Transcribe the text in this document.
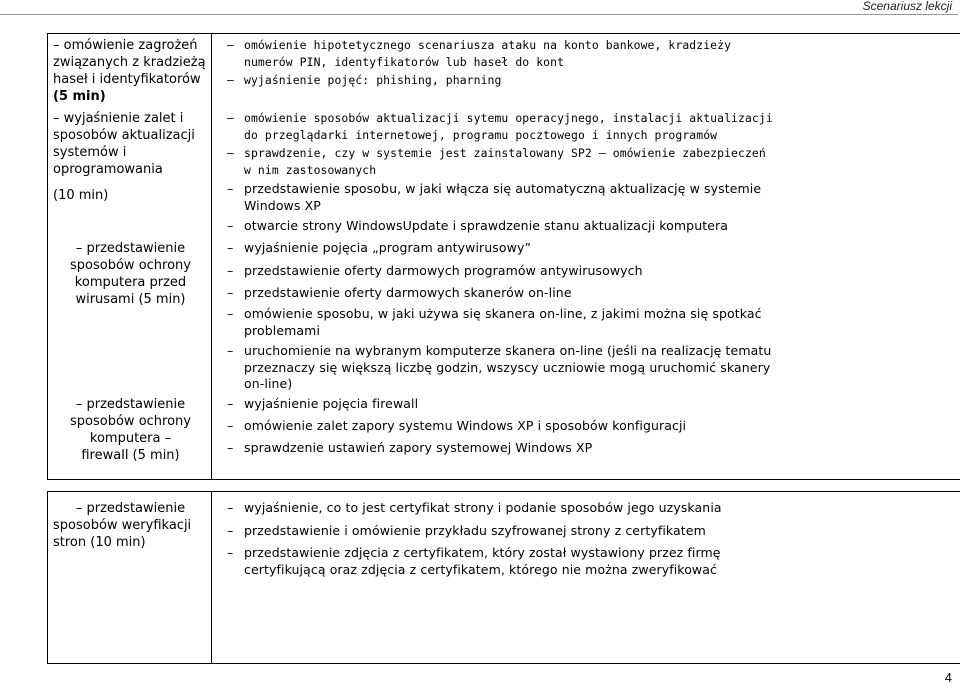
Scenariusz lekcji
– omówienie zagrożeń
związanych z kradzieżą
haseł i identyfikatorów
(5 min)
– wyjaśnienie zalet i
sposobów aktualizacji
systemów i
oprogramowania
(10 min)
– przedstawienie
sposobów ochrony
komputera przed
wirusami (5 min)
– przedstawienie
sposobów ochrony
komputera –
firewall (5 min)
– omówienie hipotetycznego scenariusza ataku na konto bankowe, kradzieży numerów PIN, identyfikatorów lub haseł do kont
– wyjaśnienie pojęć: phishing, pharning
– omówienie sposobów aktualizacji sytemu operacyjnego, instalacji aktualizacji do przeglądarki internetowej, programu pocztowego i innych programów
– sprawdzenie, czy w systemie jest zainstalowany SP2 – omówienie zabezpieczeń w nim zastosowanych
– przedstawienie sposobu, w jaki włącza się automatyczną aktualizację w systemie Windows XP
– otwarcie strony WindowsUpdate i sprawdzenie stanu aktualizacji komputera
– wyjaśnienie pojęcia „program antywirusowy”
– przedstawienie oferty darmowych programów antywirusowych
– przedstawienie oferty darmowych skanerów on-line
– omówienie sposobu, w jaki używa się skanera on-line, z jakimi można się spotkać problemami
– uruchomienie na wybranym komputerze skanera on-line (jeśli na realizację tematu przeznaczy się większą liczbę godzin, wszyscy uczniowie mogą uruchomić skanery on-line)
– wyjaśnienie pojęcia firewall
– omówienie zalet zapory systemu Windows XP i sposobów konfiguracji
– sprawdzenie ustawień zapory systemowej Windows XP
– przedstawienie
sposobów weryfikacji
stron (10 min)
– wyjaśnienie, co to jest certyfikat strony i podanie sposobów jego uzyskania
– przedstawienie i omówienie przykładu szyfrowanej strony z certyfikatem
– przedstawienie zdjęcia z certyfikatem, który został wystawiony przez firmę certyfikującą oraz zdjęcia z certyfikatem, którego nie można zweryfikować
4
